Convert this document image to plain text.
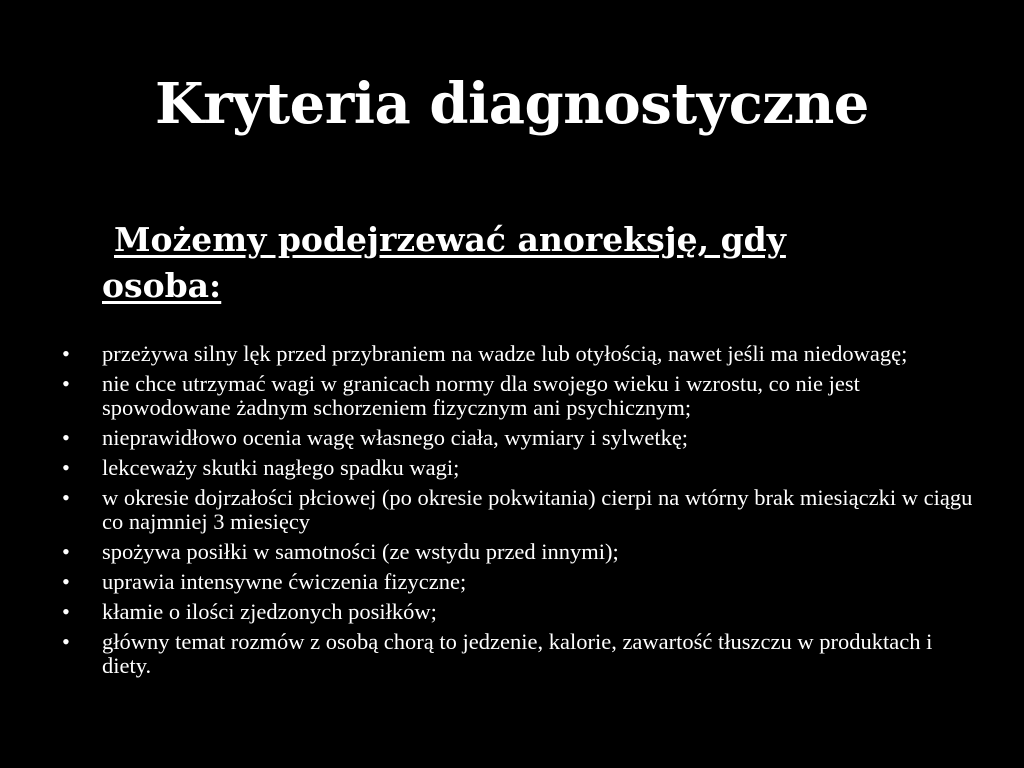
Kryteria diagnostyczne

Możemy podejrzewać anoreksję, gdy osoba:

•	przeżywa silny lęk przed przybraniem na wadze lub otyłością, nawet jeśli ma niedowagę;
•	nie chce utrzymać wagi w granicach normy dla swojego wieku i wzrostu, co nie jest spowodowane żadnym schorzeniem fizycznym ani psychicznym;
•	nieprawidłowo ocenia wagę własnego ciała, wymiary i sylwetkę;
•	lekceważy skutki nagłego spadku wagi;
•	w okresie dojrzałości płciowej (po okresie pokwitania) cierpi na wtórny brak miesiączki w ciągu co najmniej 3 miesięcy
•	spożywa posiłki w samotności (ze wstydu przed innymi);
•	uprawia intensywne ćwiczenia fizyczne;
•	kłamie o ilości zjedzonych posiłków;
•	główny temat rozmów z osobą chorą to jedzenie, kalorie, zawartość tłuszczu w produktach i diety.
